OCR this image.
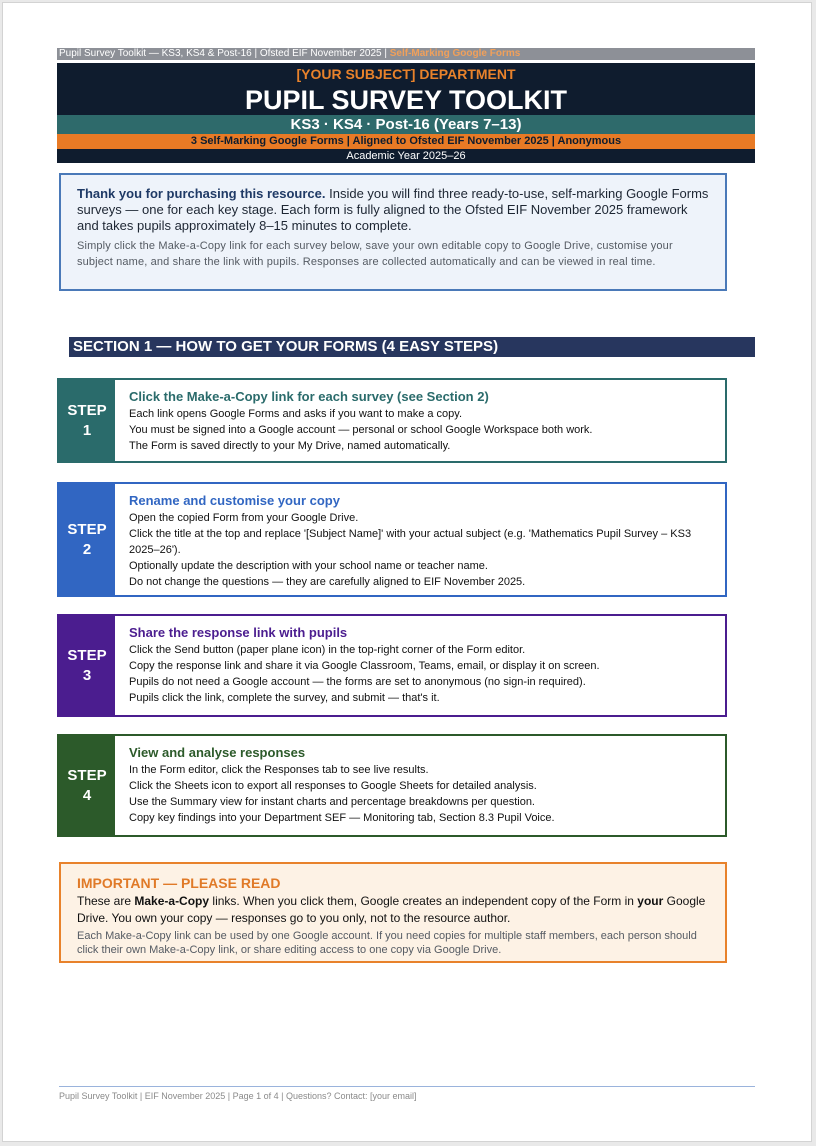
Pupil Survey Toolkit — KS3, KS4 & Post-16 | Ofsted EIF November 2025 | Self-Marking Google Forms
[YOUR SUBJECT] DEPARTMENT
PUPIL SURVEY TOOLKIT
KS3 · KS4 · Post-16 (Years 7–13)
3 Self-Marking Google Forms | Aligned to Ofsted EIF November 2025 | Anonymous
Academic Year 2025–26
Thank you for purchasing this resource. Inside you will find three ready-to-use, self-marking Google Forms surveys — one for each key stage. Each form is fully aligned to the Ofsted EIF November 2025 framework and takes pupils approximately 8–15 minutes to complete.
Simply click the Make-a-Copy link for each survey below, save your own editable copy to Google Drive, customise your subject name, and share the link with pupils. Responses are collected automatically and can be viewed in real time.
SECTION 1 — HOW TO GET YOUR FORMS (4 EASY STEPS)
STEP
1
Click the Make-a-Copy link for each survey (see Section 2)
Each link opens Google Forms and asks if you want to make a copy.
You must be signed into a Google account — personal or school Google Workspace both work.
The Form is saved directly to your My Drive, named automatically.
STEP
2
Rename and customise your copy
Open the copied Form from your Google Drive.
Click the title at the top and replace '[Subject Name]' with your actual subject (e.g. 'Mathematics Pupil Survey – KS3 2025–26').
Optionally update the description with your school name or teacher name.
Do not change the questions — they are carefully aligned to EIF November 2025.
STEP
3
Share the response link with pupils
Click the Send button (paper plane icon) in the top-right corner of the Form editor.
Copy the response link and share it via Google Classroom, Teams, email, or display it on screen.
Pupils do not need a Google account — the forms are set to anonymous (no sign-in required).
Pupils click the link, complete the survey, and submit — that's it.
STEP
4
View and analyse responses
In the Form editor, click the Responses tab to see live results.
Click the Sheets icon to export all responses to Google Sheets for detailed analysis.
Use the Summary view for instant charts and percentage breakdowns per question.
Copy key findings into your Department SEF — Monitoring tab, Section 8.3 Pupil Voice.
IMPORTANT — PLEASE READ
These are Make-a-Copy links. When you click them, Google creates an independent copy of the Form in your Google Drive. You own your copy — responses go to you only, not to the resource author.
Each Make-a-Copy link can be used by one Google account. If you need copies for multiple staff members, each person should click their own Make-a-Copy link, or share editing access to one copy via Google Drive.
Pupil Survey Toolkit | EIF November 2025 | Page 1 of 4 | Questions? Contact: [your email]
